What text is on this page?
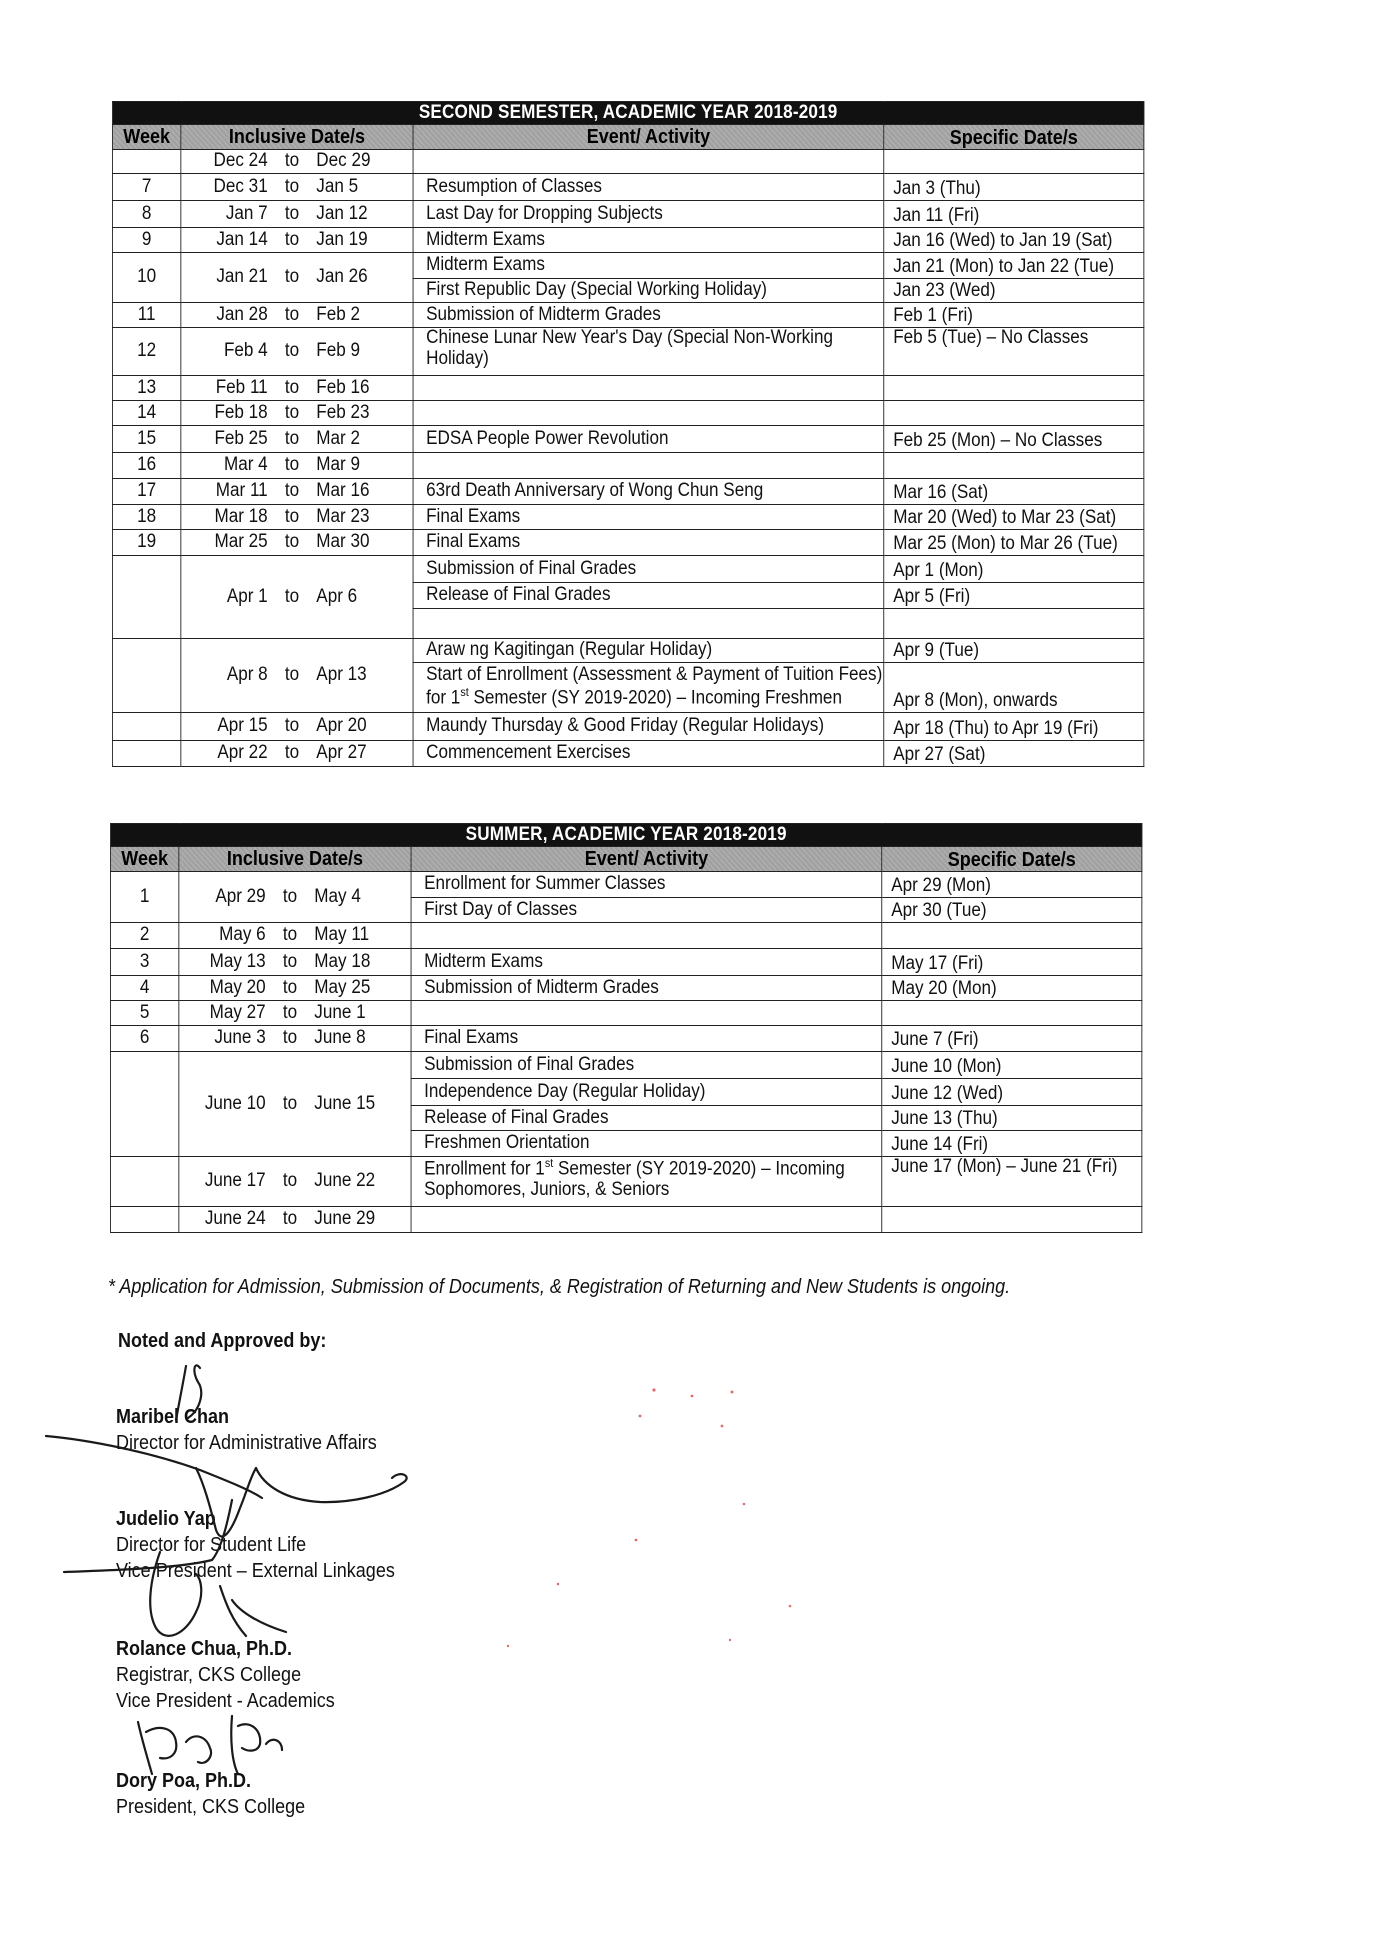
SECOND SEMESTER, ACADEMIC YEAR 2018-2019			
Week	Inclusive Date/s	Event/ Activity	Specific Date/s

	Dec 24 to Dec 29		

7	Dec 31 to Jan 5	Resumption of Classes	Jan 3 (Thu)
8	Jan 7 to Jan 12	Last Day for Dropping Subjects	Jan 11 (Fri)
9	Jan 14 to Jan 19	Midterm Exams	Jan 16 (Wed) to Jan 19 (Sat)
10	Jan 21 to Jan 26	Midterm Exams	Jan 21 (Mon) to Jan 22 (Tue)
		First Republic Day (Special Working Holiday)	Jan 23 (Wed)
11	Jan 28 to Feb 2	Submission of Midterm Grades	Feb 1 (Fri)
12	Feb 4 to Feb 9	Chinese Lunar New Year's Day (Special Non-Working Holiday)	Feb 5 (Tue) – No Classes
13	Feb 11 to Feb 16		

14	Feb 18 to Feb 23		

15	Feb 25 to Mar 2	EDSA People Power Revolution	Feb 25 (Mon) – No Classes
16	Mar 4 to Mar 9		

17	Mar 11 to Mar 16	63rd Death Anniversary of Wong Chun Seng	Mar 16 (Sat)
18	Mar 18 to Mar 23	Final Exams	Mar 20 (Wed) to Mar 23 (Sat)
19	Mar 25 to Mar 30	Final Exams	Mar 25 (Mon) to Mar 26 (Tue)

	Apr 1 to Apr 6	Submission of Final Grades	Apr 1 (Mon)
		Release of Final Grades	Apr 5 (Fri)

	Apr 8 to Apr 13	Araw ng Kagitingan (Regular Holiday)	Apr 9 (Tue)
		Start of Enrollment (Assessment & Payment of Tuition Fees) for 1st Semester (SY 2019-2020) – Incoming Freshmen	Apr 8 (Mon), onwards

	Apr 15 to Apr 20	Maundy Thursday & Good Friday (Regular Holidays)	Apr 18 (Thu) to Apr 19 (Fri)

	Apr 22 to Apr 27	Commencement Exercises	Apr 27 (Sat)
SUMMER, ACADEMIC YEAR 2018-2019			
Week	Inclusive Date/s	Event/ Activity	Specific Date/s
1	Apr 29 to May 4	Enrollment for Summer Classes	Apr 29 (Mon)
		First Day of Classes	Apr 30 (Tue)
2	May 6 to May 11		

3	May 13 to May 18	Midterm Exams	May 17 (Fri)
4	May 20 to May 25	Submission of Midterm Grades	May 20 (Mon)
5	May 27 to June 1		

6	June 3 to June 8	Final Exams	June 7 (Fri)

	June 10 to June 15	Submission of Final Grades	June 10 (Mon)
		Independence Day (Regular Holiday)	June 12 (Wed)
		Release of Final Grades	June 13 (Thu)
		Freshmen Orientation	June 14 (Fri)

	June 17 to June 22	Enrollment for 1st Semester (SY 2019-2020) – Incoming Sophomores, Juniors, & Seniors	June 17 (Mon) – June 21 (Fri)

	June 24 to June 29		

* Application for Admission, Submission of Documents, & Registration of Returning and New Students is ongoing.
Noted and Approved by:
Maribel Chan
Director for Administrative Affairs
Judelio Yap
Director for Student Life
Vice President – External Linkages
Rolance Chua, Ph.D.
Registrar, CKS College
Vice President - Academics
Dory Poa, Ph.D.
President, CKS College
